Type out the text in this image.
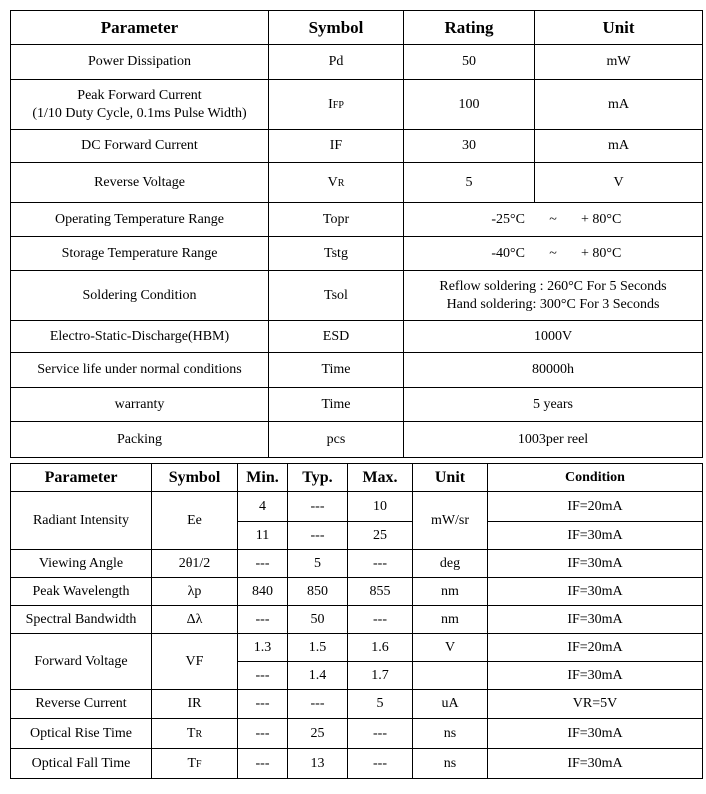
Parameter	Symbol	Rating	Unit
Power Dissipation	Pd	50	mW

Peak Forward Current
(1/10 Duty Cycle, 0.1ms Pulse Width)	IFP	100	mA
DC Forward Current	IF	30	mA
Reverse Voltage	VR	5	V
Operating Temperature Range	Topr	-25°C ~ + 80°C	
Storage Temperature Range	Tstg	-40°C ~ + 80°C	
Soldering Condition	Tsol	Reflow soldering : 260°C For 5 Seconds
Hand soldering: 300°C For 3 Seconds	

Electro-Static-Discharge(HBM)	ESD	1000V	
Service life under normal conditions	Time	80000h	
warranty	Time	5 years	
Packing	pcs	1003per reel	
Parameter	Symbol	Min.	Typ.	Max.	Unit	Condition
Radiant Intensity	Ee	4	---	10	mW/sr	IF=20mA
		11	---	25		IF=30mA
Viewing Angle	2θ1/2	---	5	---	deg	IF=30mA
Peak Wavelength	λp	840	850	855	nm	IF=30mA
Spectral Bandwidth	Δλ	---	50	---	nm	IF=30mA
Forward Voltage	VF	1.3	1.5	1.6	V	IF=20mA
		---	1.4	1.7		IF=30mA
Reverse Current	IR	---	---	5	uA	VR=5V
Optical Rise Time	TR	---	25	---	ns	IF=30mA
Optical Fall Time	TF	---	13	---	ns	IF=30mA
